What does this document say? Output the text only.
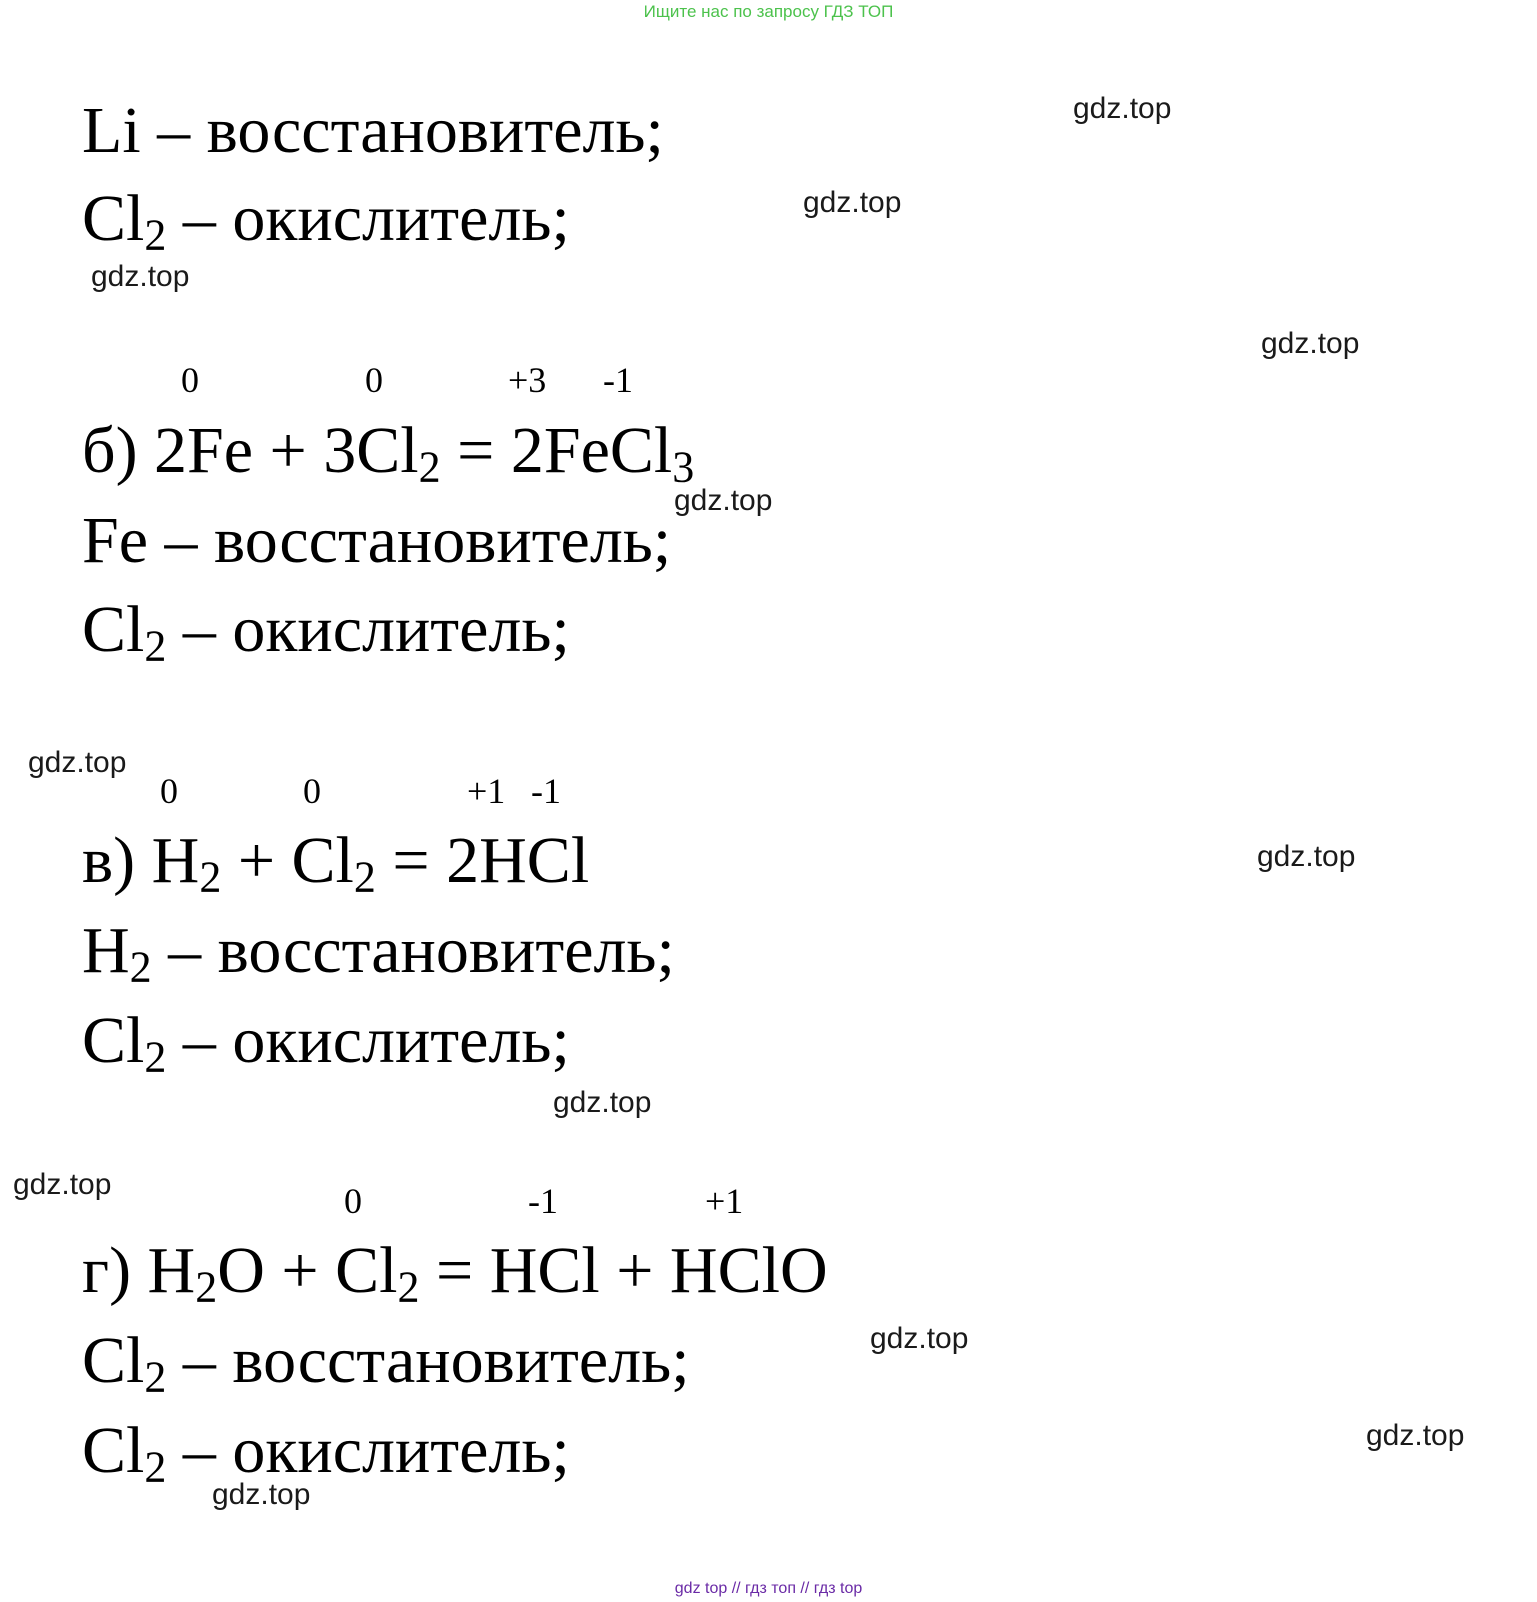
Ищите нас по запросу ГДЗ ТОП
Li – восстановитель;
$Cl_2$ – окислитель;
0	0	+3 -1
б) $2Fe + 3Cl_2$ = 2FeCl$_3$
Fe – восстановитель;
$Cl_2$ – окислитель;
0	0	+1 -1
в) $H_2 + Cl_2 = 2HCl$
$H_2$ – восстановитель;
$Cl_2$ – окислитель;
0	-1	+1
г) $H_2O + Cl_2$ = HCl + HClO
$Cl_2$ – восстановитель;
$Cl_2$ – окислитель;
gdz.top
gdz.top
gdz.top
gdz.top
gdz.top
gdz.top
gdz.top
gdz.top
gdz.top
gdz.top
gdz.top
gdz.top
gdz top // гдз топ // гдз top
